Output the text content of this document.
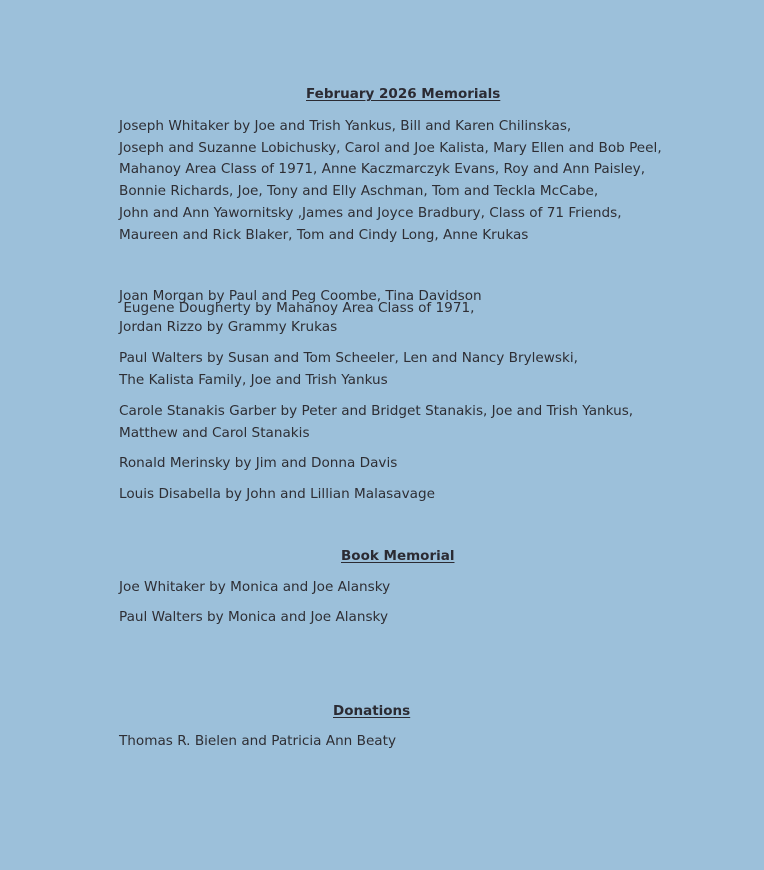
February 2026 Memorials
Joseph Whitaker by Joe and Trish Yankus, Bill and Karen Chilinskas,
Joseph and Suzanne Lobichusky, Carol and Joe Kalista, Mary Ellen and Bob Peel,
Mahanoy Area Class of 1971, Anne Kaczmarczyk Evans, Roy and Ann Paisley,
Bonnie Richards, Joe, Tony and Elly Aschman, Tom and Teckla McCabe,
John and Ann Yawornitsky ,James and Joyce Bradbury, Class of 71 Friends,
Maureen and Rick Blaker, Tom and Cindy Long, Anne Krukas

Eugene Dougherty by Mahanoy Area Class of 1971,

Joan Morgan by Paul and Peg Coombe, Tina Davidson
Jordan Rizzo by Grammy Krukas
Paul Walters by Susan and Tom Scheeler, Len and Nancy Brylewski,
The Kalista Family, Joe and Trish Yankus
Carole Stanakis Garber by Peter and Bridget Stanakis, Joe and Trish Yankus,
Matthew and Carol Stanakis
Ronald Merinsky by Jim and Donna Davis
Louis Disabella by John and Lillian Malasavage
Book Memorial
Joe Whitaker by Monica and Joe Alansky
Paul Walters by Monica and Joe Alansky
Donations
Thomas R. Bielen and Patricia Ann Beaty
